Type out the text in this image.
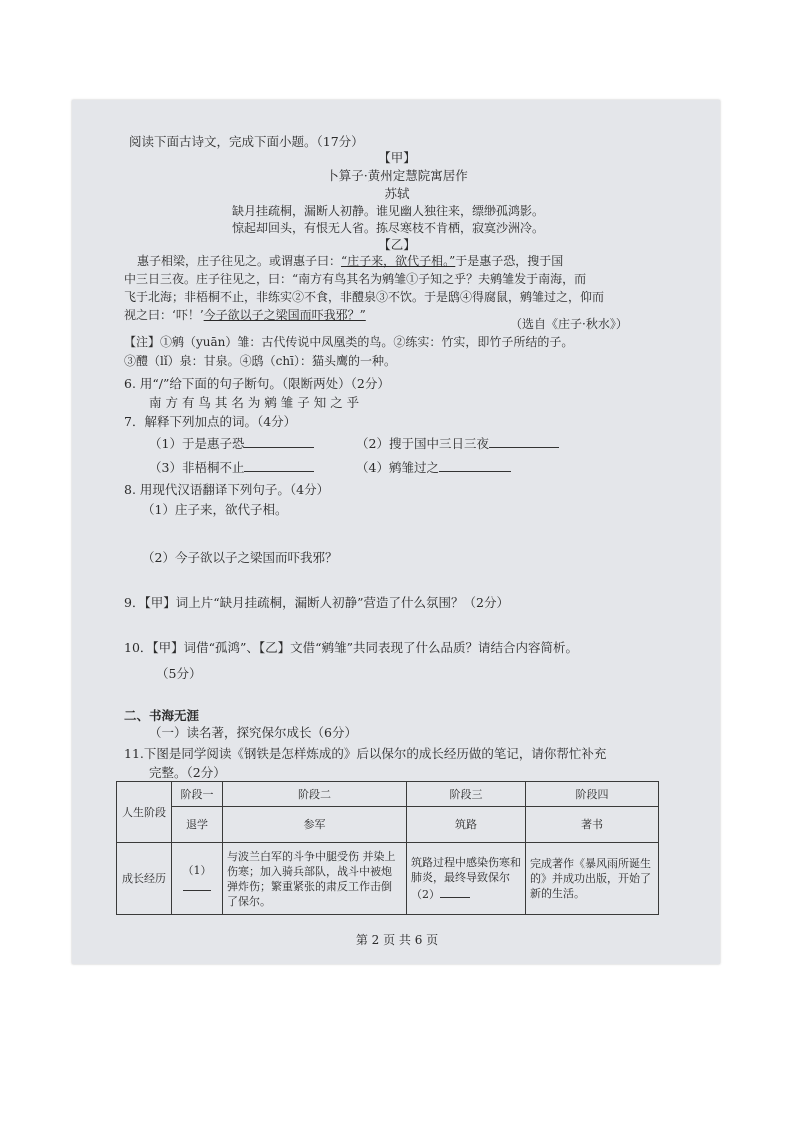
阅读下面古诗文，完成下面小题。（17分）
【甲】
卜算子·黄州定慧院寓居作
苏轼
缺月挂疏桐，漏断人初静。谁见幽人独往来，缥缈孤鸿影。
惊起却回头，有恨无人省。拣尽寒枝不肯栖，寂寞沙洲冷。
【乙】
惠子相梁，庄子往见之。或谓惠子曰：“庄子来，欲代子相。”于是惠子恐，搜于国
中三日三夜。庄子往见之，曰：“南方有鸟其名为鹓雏①子知之乎？夫鹓雏发于南海，而
飞于北海；非梧桐不止，非练实②不食，非醴泉③不饮。于是鸱④得腐鼠，鹓雏过之，仰而
视之曰：‘吓！’今子欲以子之梁国而吓我邪？”
（选自《庄子·秋水》）
【注】①鹓（yuān）雏：古代传说中凤凰类的鸟。②练实：竹实，即竹子所结的子。
③醴（lǐ）泉：甘泉。④鸱（chī）：猫头鹰的一种。
6. 用“/”给下面的句子断句。（限断两处）（2分）
南 方 有 鸟 其 名 为 鹓 雏 子 知 之 乎
7．解释下列加点的词。（4分）
（1）于是惠子恐	（2）搜于国中三日三夜
（3）非梧桐不止	（4）鹓雏过之
8. 用现代汉语翻译下列句子。（4分）
（1）庄子来，欲代子相。
（2）今子欲以子之梁国而吓我邪？
9．【甲】词上片“缺月挂疏桐，漏断人初静”营造了什么氛围？（2分）
10．【甲】词借“孤鸿”、【乙】文借“鹓雏”共同表现了什么品质？请结合内容简析。
（5分）
二、书海无涯
（一）读名著，探究保尔成长（6分）
11.下图是同学阅读《钢铁是怎样炼成的》后以保尔的成长经历做的笔记，请你帮忙补充
完整。（2分）
人生阶段	阶段一	阶段二	阶段三	阶段四
	退学	参军	筑路	著书
成长经历	（1）	与波兰白军的斗争中腿受伤 并染上伤寒；加入骑兵部队，战斗中被炮弹炸伤；繁重紧张的肃反工作击倒了保尔。	筑路过程中感染伤寒和肺炎，最终导致保尔（2）	完成著作《暴风雨所诞生的》并成功出版，开始了新的生活。
第 2 页 共 6 页
